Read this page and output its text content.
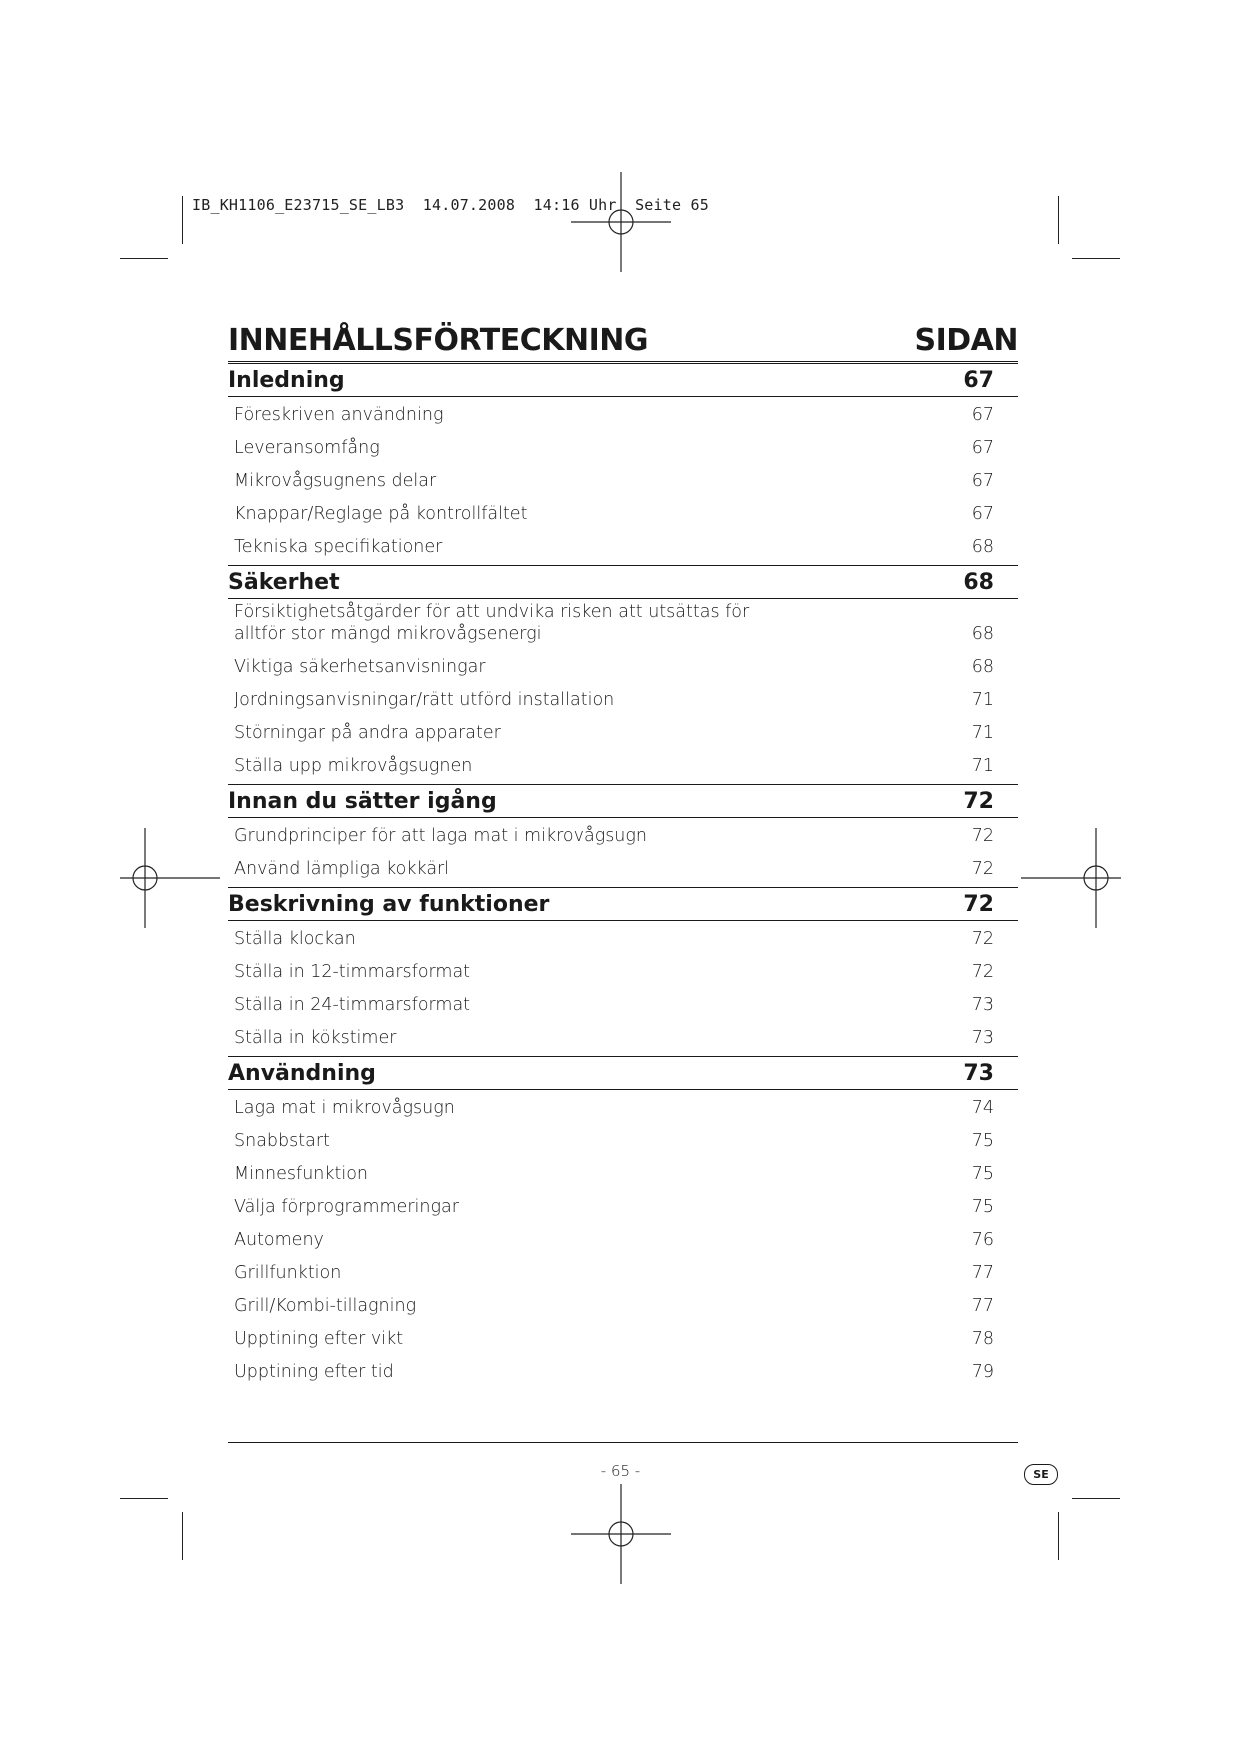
IB_KH1106_E23715_SE_LB3  14.07.2008  14:16 Uhr  Seite 65
INNEHÅLLSFÖRTECKNING	SIDAN
Inledning	67
Föreskriven användning	67
Leveransomfång	67
Mikrovågsugnens delar	67
Knappar/Reglage på kontrollfältet	67
Tekniska specifikationer	68
Säkerhet	68
Försiktighetsåtgärder för att undvika risken att utsättas för alltför stor mängd mikrovågsenergi	68
Viktiga säkerhetsanvisningar	68
Jordningsanvisningar/rätt utförd installation	71
Störningar på andra apparater	71
Ställa upp mikrovågsugnen	71
Innan du sätter igång	72
Grundprinciper för att laga mat i mikrovågsugn	72
Använd lämpliga kokkärl	72
Beskrivning av funktioner	72
Ställa klockan	72
Ställa in 12-timmarsformat	72
Ställa in 24-timmarsformat	73
Ställa in kökstimer	73
Användning	73
Laga mat i mikrovågsugn	74
Snabbstart	75
Minnesfunktion	75
Välja förprogrammeringar	75
Automeny	76
Grillfunktion	77
Grill/Kombi-tillagning	77
Upptining efter vikt	78
Upptining efter tid	79
- 65 -	SE
